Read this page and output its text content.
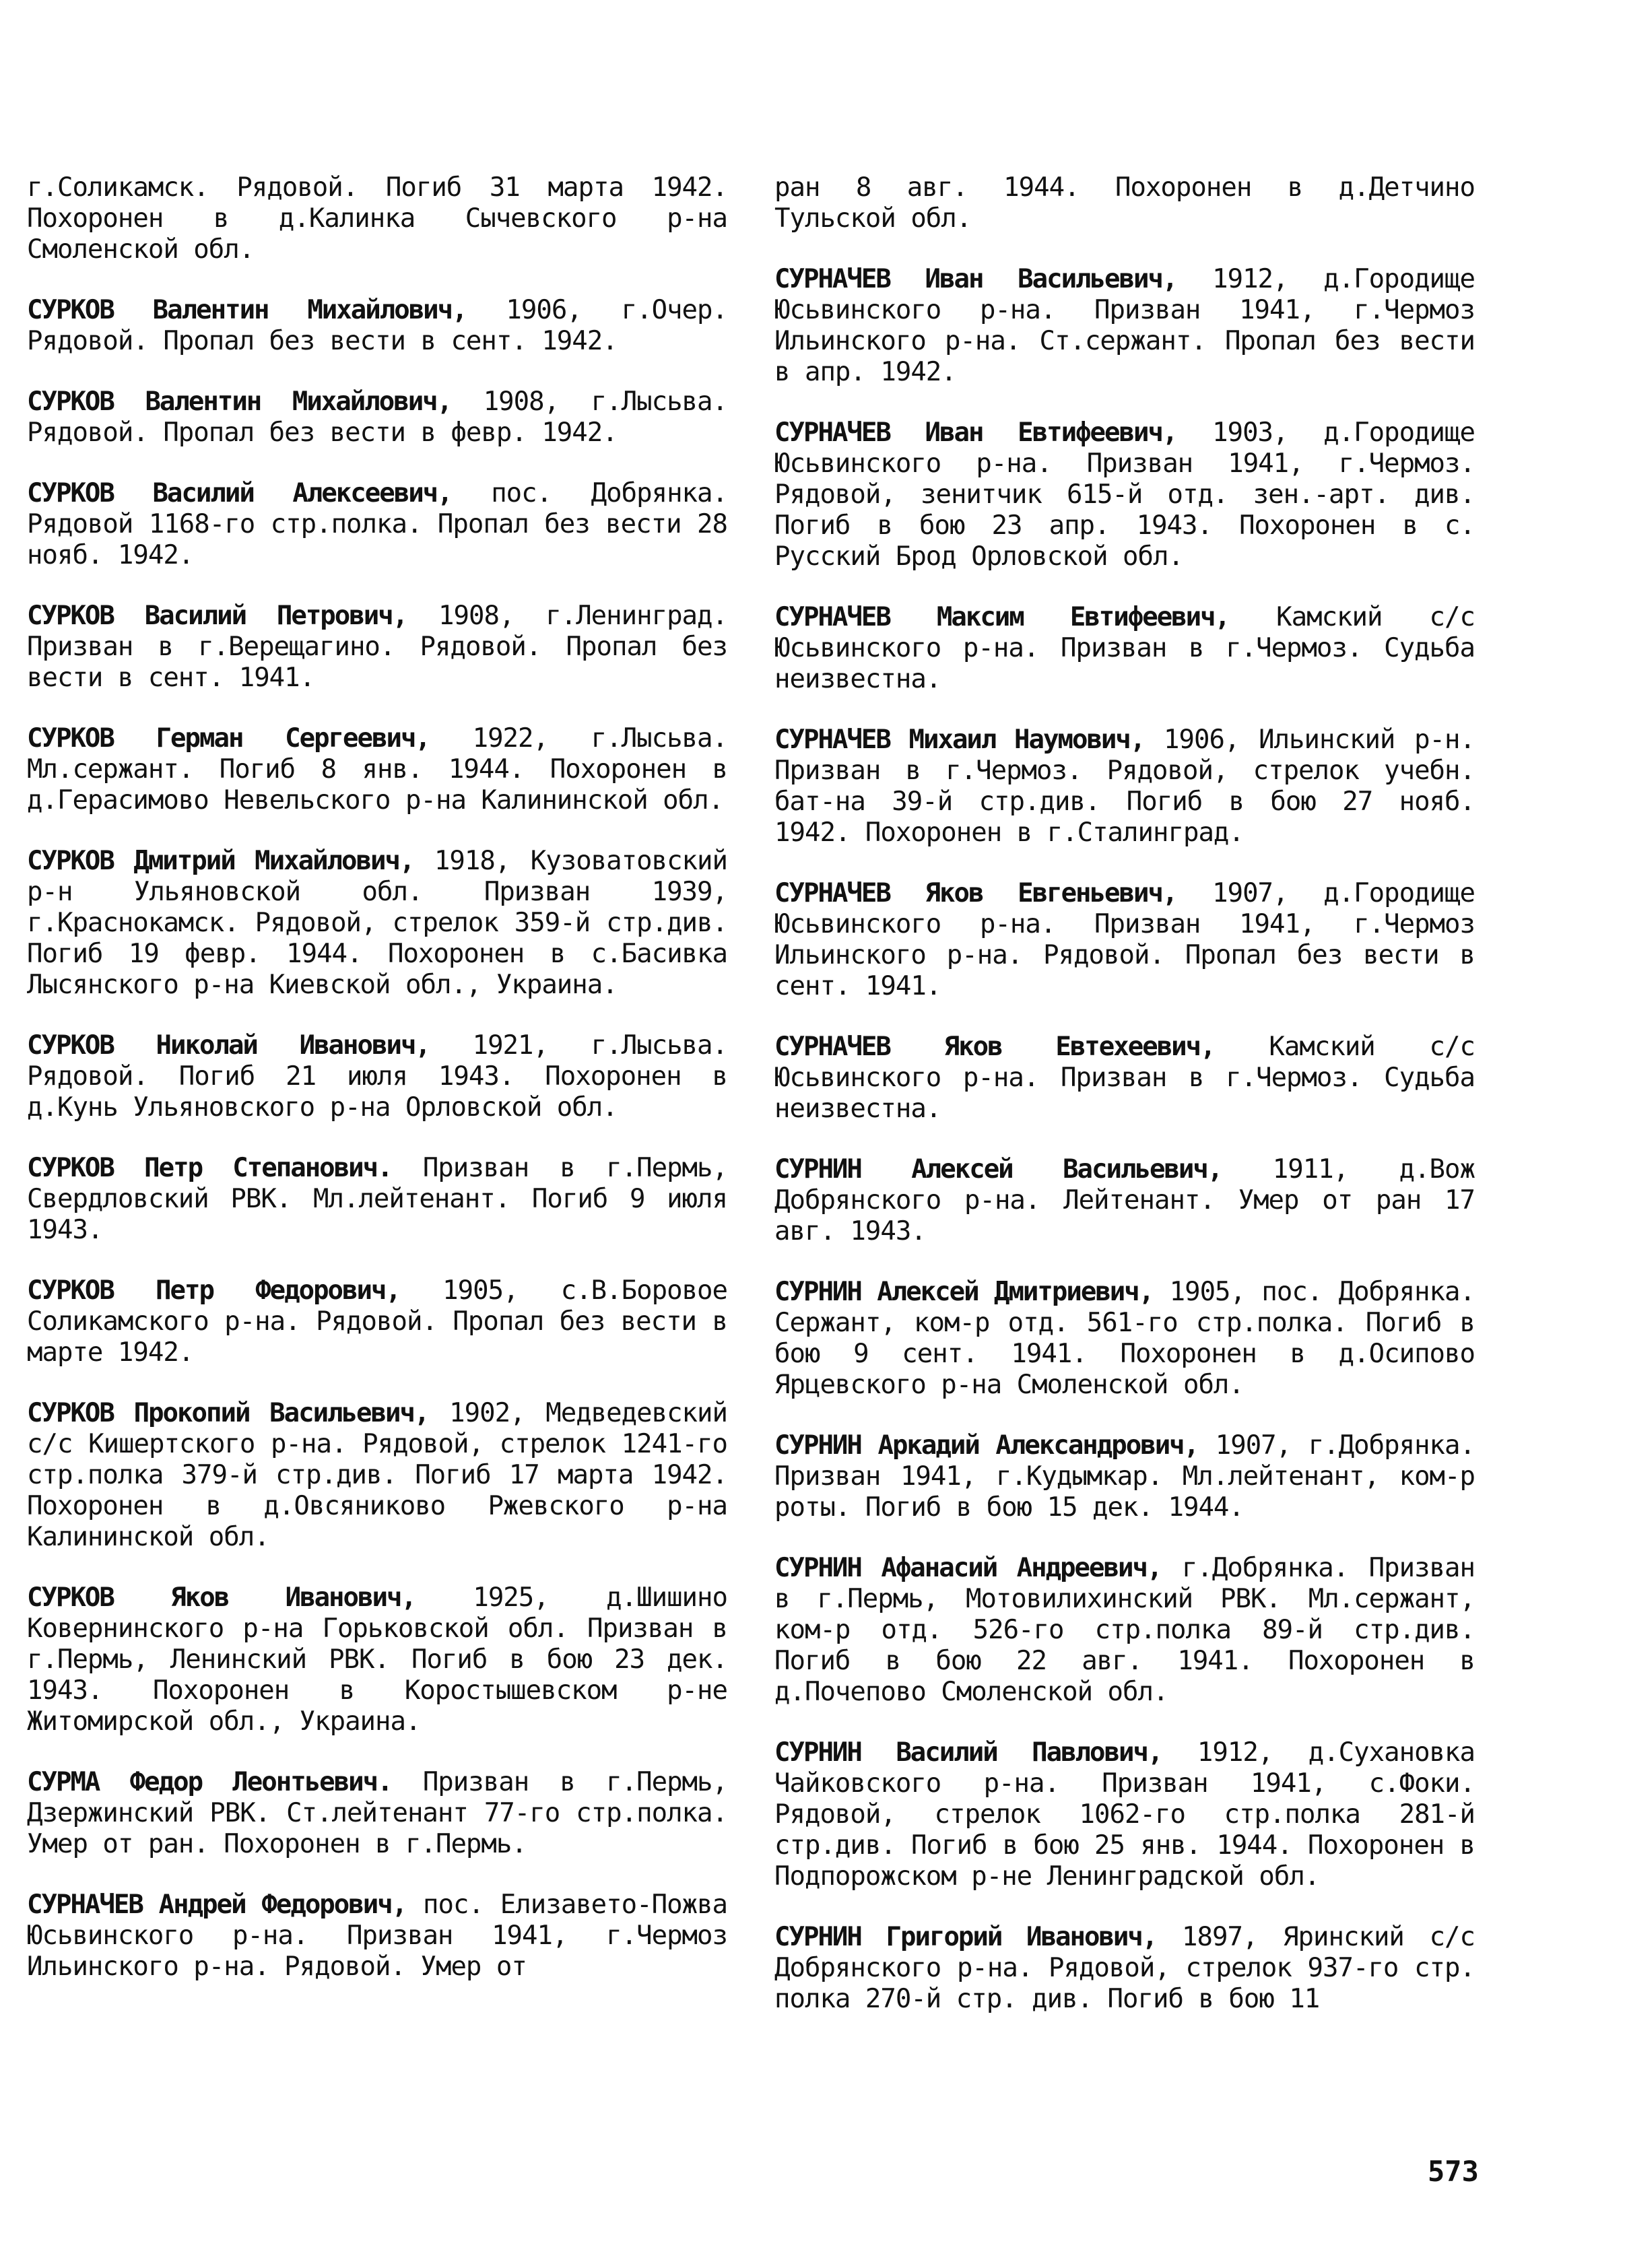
г.Соликамск. Рядовой. Погиб 31 марта 1942. Похоронен в д.Калинка Сычевского р-на Смоленской обл.

СУРКОВ Валентин Михайлович, 1906, г.Очер. Рядовой. Пропал без вести в сент. 1942.

СУРКОВ Валентин Михайлович, 1908, г.Лысьва. Рядовой. Пропал без вести в февр. 1942.

СУРКОВ Василий Алексеевич, пос. Добрянка. Рядовой 1168-го стр.полка. Пропал без вести 28 нояб. 1942.

СУРКОВ Василий Петрович, 1908, г.Ленинград. Призван в г.Верещагино. Рядовой. Пропал без вести в сент. 1941.

СУРКОВ Герман Сергеевич, 1922, г.Лысьва. Мл.сержант. Погиб 8 янв. 1944. Похоронен в д.Герасимово Невельского р-на Калининской обл.

СУРКОВ Дмитрий Михайлович, 1918, Кузоватовский р-н Ульяновской обл. Призван 1939, г.Краснокамск. Рядовой, стрелок 359-й стр.див. Погиб 19 февр. 1944. Похоронен в с.Басивка Лысянского р-на Киевской обл., Украина.

СУРКОВ Николай Иванович, 1921, г.Лысьва. Рядовой. Погиб 21 июля 1943. Похоронен в д.Кунь Ульяновского р-на Орловской обл.

СУРКОВ Петр Степанович. Призван в г.Пермь, Свердловский РВК. Мл.лейтенант. Погиб 9 июля 1943.

СУРКОВ Петр Федорович, 1905, с.В.Боровое Соликамского р-на. Рядовой. Пропал без вести в марте 1942.

СУРКОВ Прокопий Васильевич, 1902, Медведевский с/с Кишертского р-на. Рядовой, стрелок 1241-го стр.полка 379-й стр.див. Погиб 17 марта 1942. Похоронен в д.Овсяниково Ржевского р-на Калининской обл.

СУРКОВ Яков Иванович, 1925, д.Шишино Ковернинского р-на Горьковской обл. Призван в г.Пермь, Ленинский РВК. Погиб в бою 23 дек. 1943. Похоронен в Коростышевском р-не Житомирской обл., Украина.

СУРМА Федор Леонтьевич. Призван в г.Пермь, Дзержинский РВК. Ст.лейтенант 77-го стр.полка. Умер от ран. Похоронен в г.Пермь.

СУРНАЧЕВ Андрей Федорович, пос. Елизавето-Пожва Юсьвинского р-на. Призван 1941, г.Чермоз Ильинского р-на. Рядовой. Умер от

ран 8 авг. 1944. Похоронен в д.Детчино Тульской обл.

СУРНАЧЕВ Иван Васильевич, 1912, д.Городище Юсьвинского р-на. Призван 1941, г.Чермоз Ильинского р-на. Ст.сержант. Пропал без вести в апр. 1942.

СУРНАЧЕВ Иван Евтифеевич, 1903, д.Городище Юсьвинского р-на. Призван 1941, г.Чермоз. Рядовой, зенитчик 615-й отд. зен.-арт. див. Погиб в бою 23 апр. 1943. Похоронен в с. Русский Брод Орловской обл.

СУРНАЧЕВ Максим Евтифеевич, Камский с/с Юсьвинского р-на. Призван в г.Чермоз. Судьба неизвестна.

СУРНАЧЕВ Михаил Наумович, 1906, Ильинский р-н. Призван в г.Чермоз. Рядовой, стрелок учебн. бат-на 39-й стр.див. Погиб в бою 27 нояб. 1942. Похоронен в г.Сталинград.

СУРНАЧЕВ Яков Евгеньевич, 1907, д.Городище Юсьвинского р-на. Призван 1941, г.Чермоз Ильинского р-на. Рядовой. Пропал без вести в сент. 1941.

СУРНАЧЕВ Яков Евтехеевич, Камский с/с Юсьвинского р-на. Призван в г.Чермоз. Судьба неизвестна.

СУРНИН Алексей Васильевич, 1911, д.Вож Добрянского р-на. Лейтенант. Умер от ран 17 авг. 1943.

СУРНИН Алексей Дмитриевич, 1905, пос. Добрянка. Сержант, ком-р отд. 561-го стр.полка. Погиб в бою 9 сент. 1941. Похоронен в д.Осипово Ярцевского р-на Смоленской обл.

СУРНИН Аркадий Александрович, 1907, г.Добрянка. Призван 1941, г.Кудымкар. Мл.лейтенант, ком-р роты. Погиб в бою 15 дек. 1944.

СУРНИН Афанасий Андреевич, г.Добрянка. Призван в г.Пермь, Мотовилихинский РВК. Мл.сержант, ком-р отд. 526-го стр.полка 89-й стр.див. Погиб в бою 22 авг. 1941. Похоронен в д.Почепово Смоленской обл.

СУРНИН Василий Павлович, 1912, д.Сухановка Чайковского р-на. Призван 1941, с.Фоки. Рядовой, стрелок 1062-го стр.полка 281-й стр.див. Погиб в бою 25 янв. 1944. Похоронен в Подпорожском р-не Ленинградской обл.

СУРНИН Григорий Иванович, 1897, Яринский с/с Добрянского р-на. Рядовой, стрелок 937-го стр. полка 270-й стр. див. Погиб в бою 11

573
